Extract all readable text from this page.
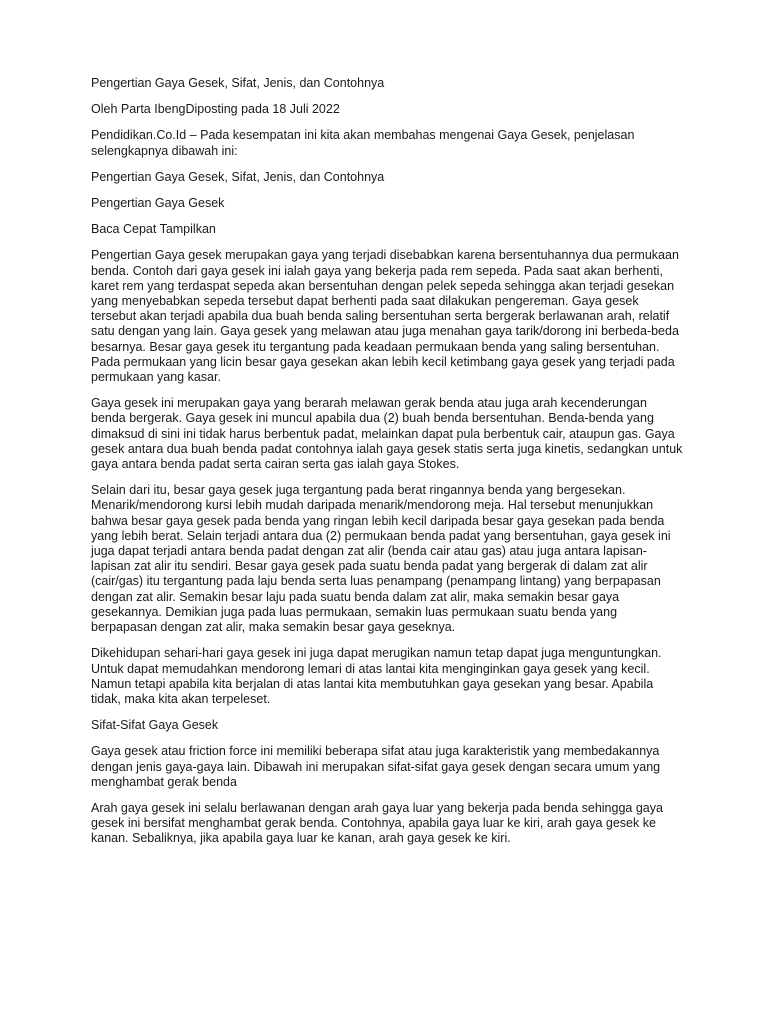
Pengertian Gaya Gesek, Sifat, Jenis, dan Contohnya

Oleh Parta IbengDiposting pada 18 Juli 2022

Pendidikan.Co.Id – Pada kesempatan ini kita akan membahas mengenai Gaya Gesek, penjelasan selengkapnya dibawah ini:

Pengertian Gaya Gesek, Sifat, Jenis, dan Contohnya

Pengertian Gaya Gesek

Baca Cepat Tampilkan

Pengertian Gaya gesek merupakan gaya yang terjadi disebabkan karena bersentuhannya dua permukaan benda. Contoh dari gaya gesek ini ialah gaya yang bekerja pada rem sepeda. Pada saat akan berhenti, karet rem yang terdaspat sepeda akan bersentuhan dengan pelek sepeda sehingga akan terjadi gesekan yang menyebabkan sepeda tersebut dapat berhenti pada saat dilakukan pengereman. Gaya gesek tersebut akan terjadi apabila dua buah benda saling bersentuhan serta bergerak berlawanan arah, relatif satu dengan yang lain. Gaya gesek yang melawan atau juga menahan gaya tarik/dorong ini berbeda-beda besarnya. Besar gaya gesek itu tergantung pada keadaan permukaan benda yang saling bersentuhan. Pada permukaan yang licin besar gaya gesekan akan lebih kecil ketimbang gaya gesek yang terjadi pada permukaan yang kasar.

Gaya gesek ini merupakan gaya yang berarah melawan gerak benda atau juga arah kecenderungan benda bergerak. Gaya gesek ini muncul apabila dua (2) buah benda bersentuhan. Benda-benda yang dimaksud di sini ini tidak harus berbentuk padat, melainkan dapat pula berbentuk cair, ataupun gas. Gaya gesek antara dua buah benda padat contohnya ialah gaya gesek statis serta juga kinetis, sedangkan untuk gaya antara benda padat serta cairan serta gas ialah gaya Stokes.

Selain dari itu, besar gaya gesek juga tergantung pada berat ringannya benda yang bergesekan. Menarik/mendorong kursi lebih mudah daripada menarik/mendorong meja. Hal tersebut menunjukkan bahwa besar gaya gesek pada benda yang ringan lebih kecil daripada besar gaya gesekan pada benda yang lebih berat. Selain terjadi antara dua (2) permukaan benda padat yang bersentuhan, gaya gesek ini juga dapat terjadi antara benda padat dengan zat alir (benda cair atau gas) atau juga antara lapisan-lapisan zat alir itu sendiri. Besar gaya gesek pada suatu benda padat yang bergerak di dalam zat alir (cair/gas) itu tergantung pada laju benda serta luas penampang (penampang lintang) yang berpapasan dengan zat alir. Semakin besar laju pada suatu benda dalam zat alir, maka semakin besar gaya gesekannya. Demikian juga pada luas permukaan, semakin luas permukaan suatu benda yang berpapasan dengan zat alir, maka semakin besar gaya geseknya.

Dikehidupan sehari-hari gaya gesek ini juga dapat merugikan namun tetap dapat juga menguntungkan. Untuk dapat memudahkan mendorong lemari di atas lantai kita menginginkan gaya gesek yang kecil. Namun tetapi apabila kita berjalan di atas lantai kita membutuhkan gaya gesekan yang besar. Apabila tidak, maka kita akan terpeleset.

Sifat-Sifat Gaya Gesek

Gaya gesek atau friction force ini memiliki beberapa sifat atau juga karakteristik yang membedakannya dengan jenis gaya-gaya lain. Dibawah ini merupakan sifat-sifat gaya gesek dengan secara umum yang menghambat gerak benda

Arah gaya gesek ini selalu berlawanan dengan arah gaya luar yang bekerja pada benda sehingga gaya gesek ini bersifat menghambat gerak benda. Contohnya, apabila gaya luar ke kiri, arah gaya gesek ke kanan. Sebaliknya, jika apabila gaya luar ke kanan, arah gaya gesek ke kiri.
